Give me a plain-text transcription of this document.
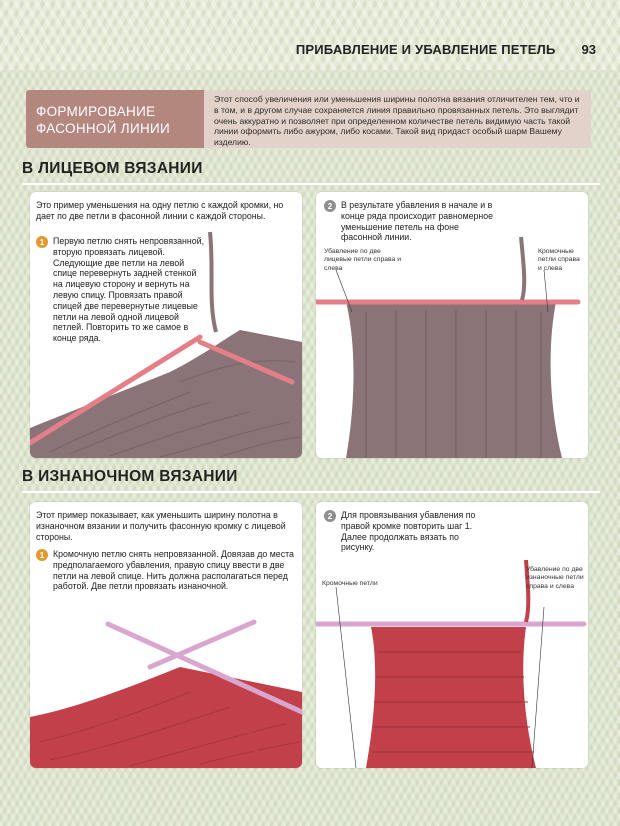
ПРИБАВЛЕНИЕ И УБАВЛЕНИЕ ПЕТЕЛЬ 93
ФОРМИРОВАНИЕ
ФАСОННОЙ ЛИНИИ
Этот способ увеличения или уменьшения ширины полотна вязания отличителен тем, что и в том, и в другом случае сохраняется линия правильно провязанных петель. Это выглядит очень аккуратно и позволяет при определенном количестве петель видимую часть такой линии оформить либо ажуром, либо косами. Такой вид придаст особый шарм Вашему изделию.
В ЛИЦЕВОМ ВЯЗАНИИ
Это пример уменьшения на одну петлю с каждой кромки, но дает по две петли в фасонной линии с каждой стороны.
1 Первую петлю снять непровязанной, вторую провязать лицевой. Следующие две петли на левой спице перевернуть задней стенкой на лицевую сторону и вернуть на левую спицу. Провязать правой спицей две перевернутые лицевые петли на левой одной лицевой петлей. Повторить то же самое в конце ряда.
2 В результате убавления в начале и в конце ряда происходит равномерное уменьшение петель на фоне фасонной линии.
Убавление по две лицевые петли справа и слева
Кромочные петли справа и слева
В ИЗНАНОЧНОМ ВЯЗАНИИ
Этот пример показывает, как уменьшить ширину полотна в изнаночном вязании и получить фасонную кромку с лицевой стороны.
1 Кромочную петлю снять непровязанной. Довязав до места предполагаемого убавления, правую спицу ввести в две петли на левой спице. Нить должна располагаться перед работой. Две петли провязать изнаночной.
2 Для провязывания убавления по правой кромке повторить шаг 1. Далее продолжать вязать по рисунку.
Кромочные петли
Убавление по две изнаночные петли справа и слева
